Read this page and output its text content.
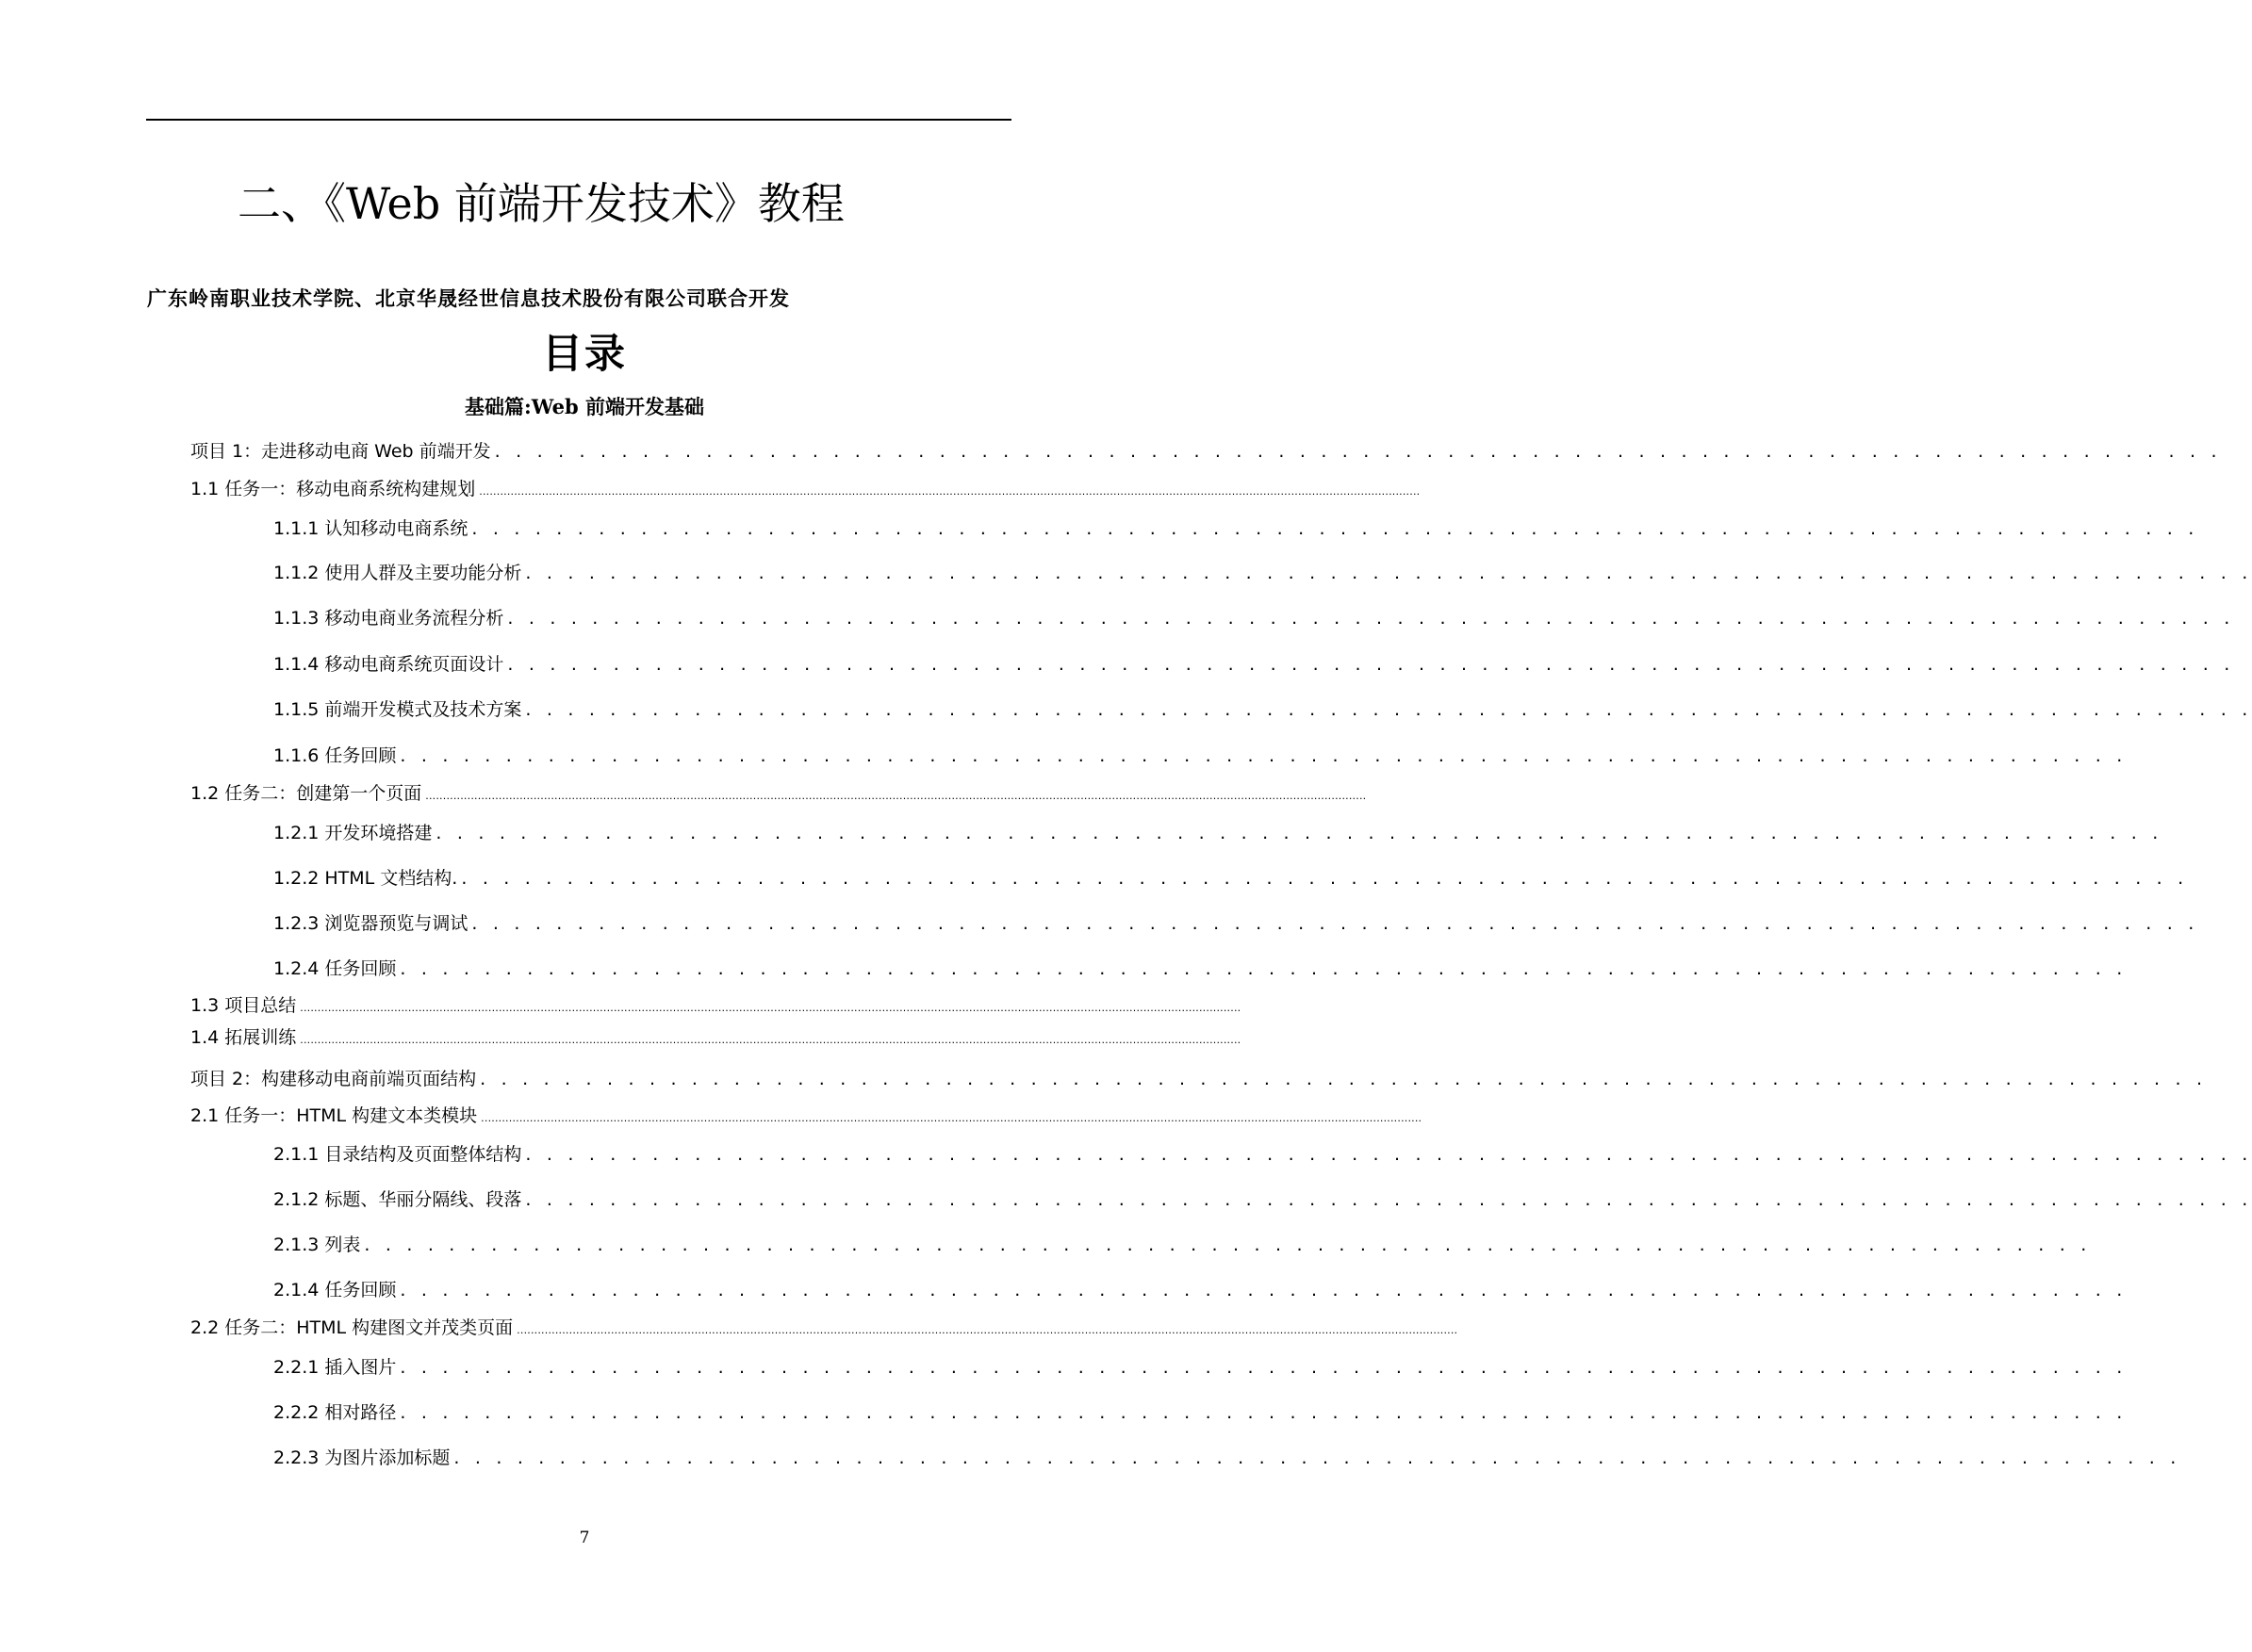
二、《Web 前端开发技术》教程
广东岭南职业技术学院、北京华晟经世信息技术股份有限公司联合开发
目录
基础篇:Web 前端开发基础
项目 1：走进移动电商 Web 前端开发 . . . . . . . . . . . . . . . . . . . . . . . . . . . . . . . . . . . . . . . . . . . . . . . . . . . . . . . . . . . . . . . . . . . . . . . . . . . . . . . . . .
1.1 任务一：移动电商系统构建规划 ..............................................................................................................................................................................................................................................................................
1.1.1 认知移动电商系统 . . . . . . . . . . . . . . . . . . . . . . . . . . . . . . . . . . . . . . . . . . . . . . . . . . . . . . . . . . . . . . . . . . . . . . . . . . . . . . . . . .
1.1.2 使用人群及主要功能分析 . . . . . . . . . . . . . . . . . . . . . . . . . . . . . . . . . . . . . . . . . . . . . . . . . . . . . . . . . . . . . . . . . . . . . . . . . . . . . . . . . .
1.1.3 移动电商业务流程分析 . . . . . . . . . . . . . . . . . . . . . . . . . . . . . . . . . . . . . . . . . . . . . . . . . . . . . . . . . . . . . . . . . . . . . . . . . . . . . . . . . .
1.1.4 移动电商系统页面设计 . . . . . . . . . . . . . . . . . . . . . . . . . . . . . . . . . . . . . . . . . . . . . . . . . . . . . . . . . . . . . . . . . . . . . . . . . . . . . . . . . .
1.1.5 前端开发模式及技术方案 . . . . . . . . . . . . . . . . . . . . . . . . . . . . . . . . . . . . . . . . . . . . . . . . . . . . . . . . . . . . . . . . . . . . . . . . . . . . . . . . . .
1.1.6 任务回顾 . . . . . . . . . . . . . . . . . . . . . . . . . . . . . . . . . . . . . . . . . . . . . . . . . . . . . . . . . . . . . . . . . . . . . . . . . . . . . . . . . .
1.2 任务二：创建第一个页面 ..............................................................................................................................................................................................................................................................................
1.2.1 开发环境搭建 . . . . . . . . . . . . . . . . . . . . . . . . . . . . . . . . . . . . . . . . . . . . . . . . . . . . . . . . . . . . . . . . . . . . . . . . . . . . . . . . . .
1.2.2 HTML 文档结构. . . . . . . . . . . . . . . . . . . . . . . . . . . . . . . . . . . . . . . . . . . . . . . . . . . . . . . . . . . . . . . . . . . . . . . . . . . . . . . . . . .
1.2.3 浏览器预览与调试 . . . . . . . . . . . . . . . . . . . . . . . . . . . . . . . . . . . . . . . . . . . . . . . . . . . . . . . . . . . . . . . . . . . . . . . . . . . . . . . . . .
1.2.4 任务回顾 . . . . . . . . . . . . . . . . . . . . . . . . . . . . . . . . . . . . . . . . . . . . . . . . . . . . . . . . . . . . . . . . . . . . . . . . . . . . . . . . . .
1.3 项目总结 ..............................................................................................................................................................................................................................................................................
1.4 拓展训练 ..............................................................................................................................................................................................................................................................................
项目 2：构建移动电商前端页面结构 . . . . . . . . . . . . . . . . . . . . . . . . . . . . . . . . . . . . . . . . . . . . . . . . . . . . . . . . . . . . . . . . . . . . . . . . . . . . . . . . . .
2.1 任务一：HTML 构建文本类模块 ..............................................................................................................................................................................................................................................................................
2.1.1 目录结构及页面整体结构 . . . . . . . . . . . . . . . . . . . . . . . . . . . . . . . . . . . . . . . . . . . . . . . . . . . . . . . . . . . . . . . . . . . . . . . . . . . . . . . . . .
2.1.2 标题、华丽分隔线、段落 . . . . . . . . . . . . . . . . . . . . . . . . . . . . . . . . . . . . . . . . . . . . . . . . . . . . . . . . . . . . . . . . . . . . . . . . . . . . . . . . . .
2.1.3 列表 . . . . . . . . . . . . . . . . . . . . . . . . . . . . . . . . . . . . . . . . . . . . . . . . . . . . . . . . . . . . . . . . . . . . . . . . . . . . . . . . . .
2.1.4 任务回顾 . . . . . . . . . . . . . . . . . . . . . . . . . . . . . . . . . . . . . . . . . . . . . . . . . . . . . . . . . . . . . . . . . . . . . . . . . . . . . . . . . .
2.2 任务二：HTML 构建图文并茂类页面 ..............................................................................................................................................................................................................................................................................
2.2.1 插入图片 . . . . . . . . . . . . . . . . . . . . . . . . . . . . . . . . . . . . . . . . . . . . . . . . . . . . . . . . . . . . . . . . . . . . . . . . . . . . . . . . . .
2.2.2 相对路径 . . . . . . . . . . . . . . . . . . . . . . . . . . . . . . . . . . . . . . . . . . . . . . . . . . . . . . . . . . . . . . . . . . . . . . . . . . . . . . . . . .
2.2.3 为图片添加标题 . . . . . . . . . . . . . . . . . . . . . . . . . . . . . . . . . . . . . . . . . . . . . . . . . . . . . . . . . . . . . . . . . . . . . . . . . . . . . . . . . .
7
